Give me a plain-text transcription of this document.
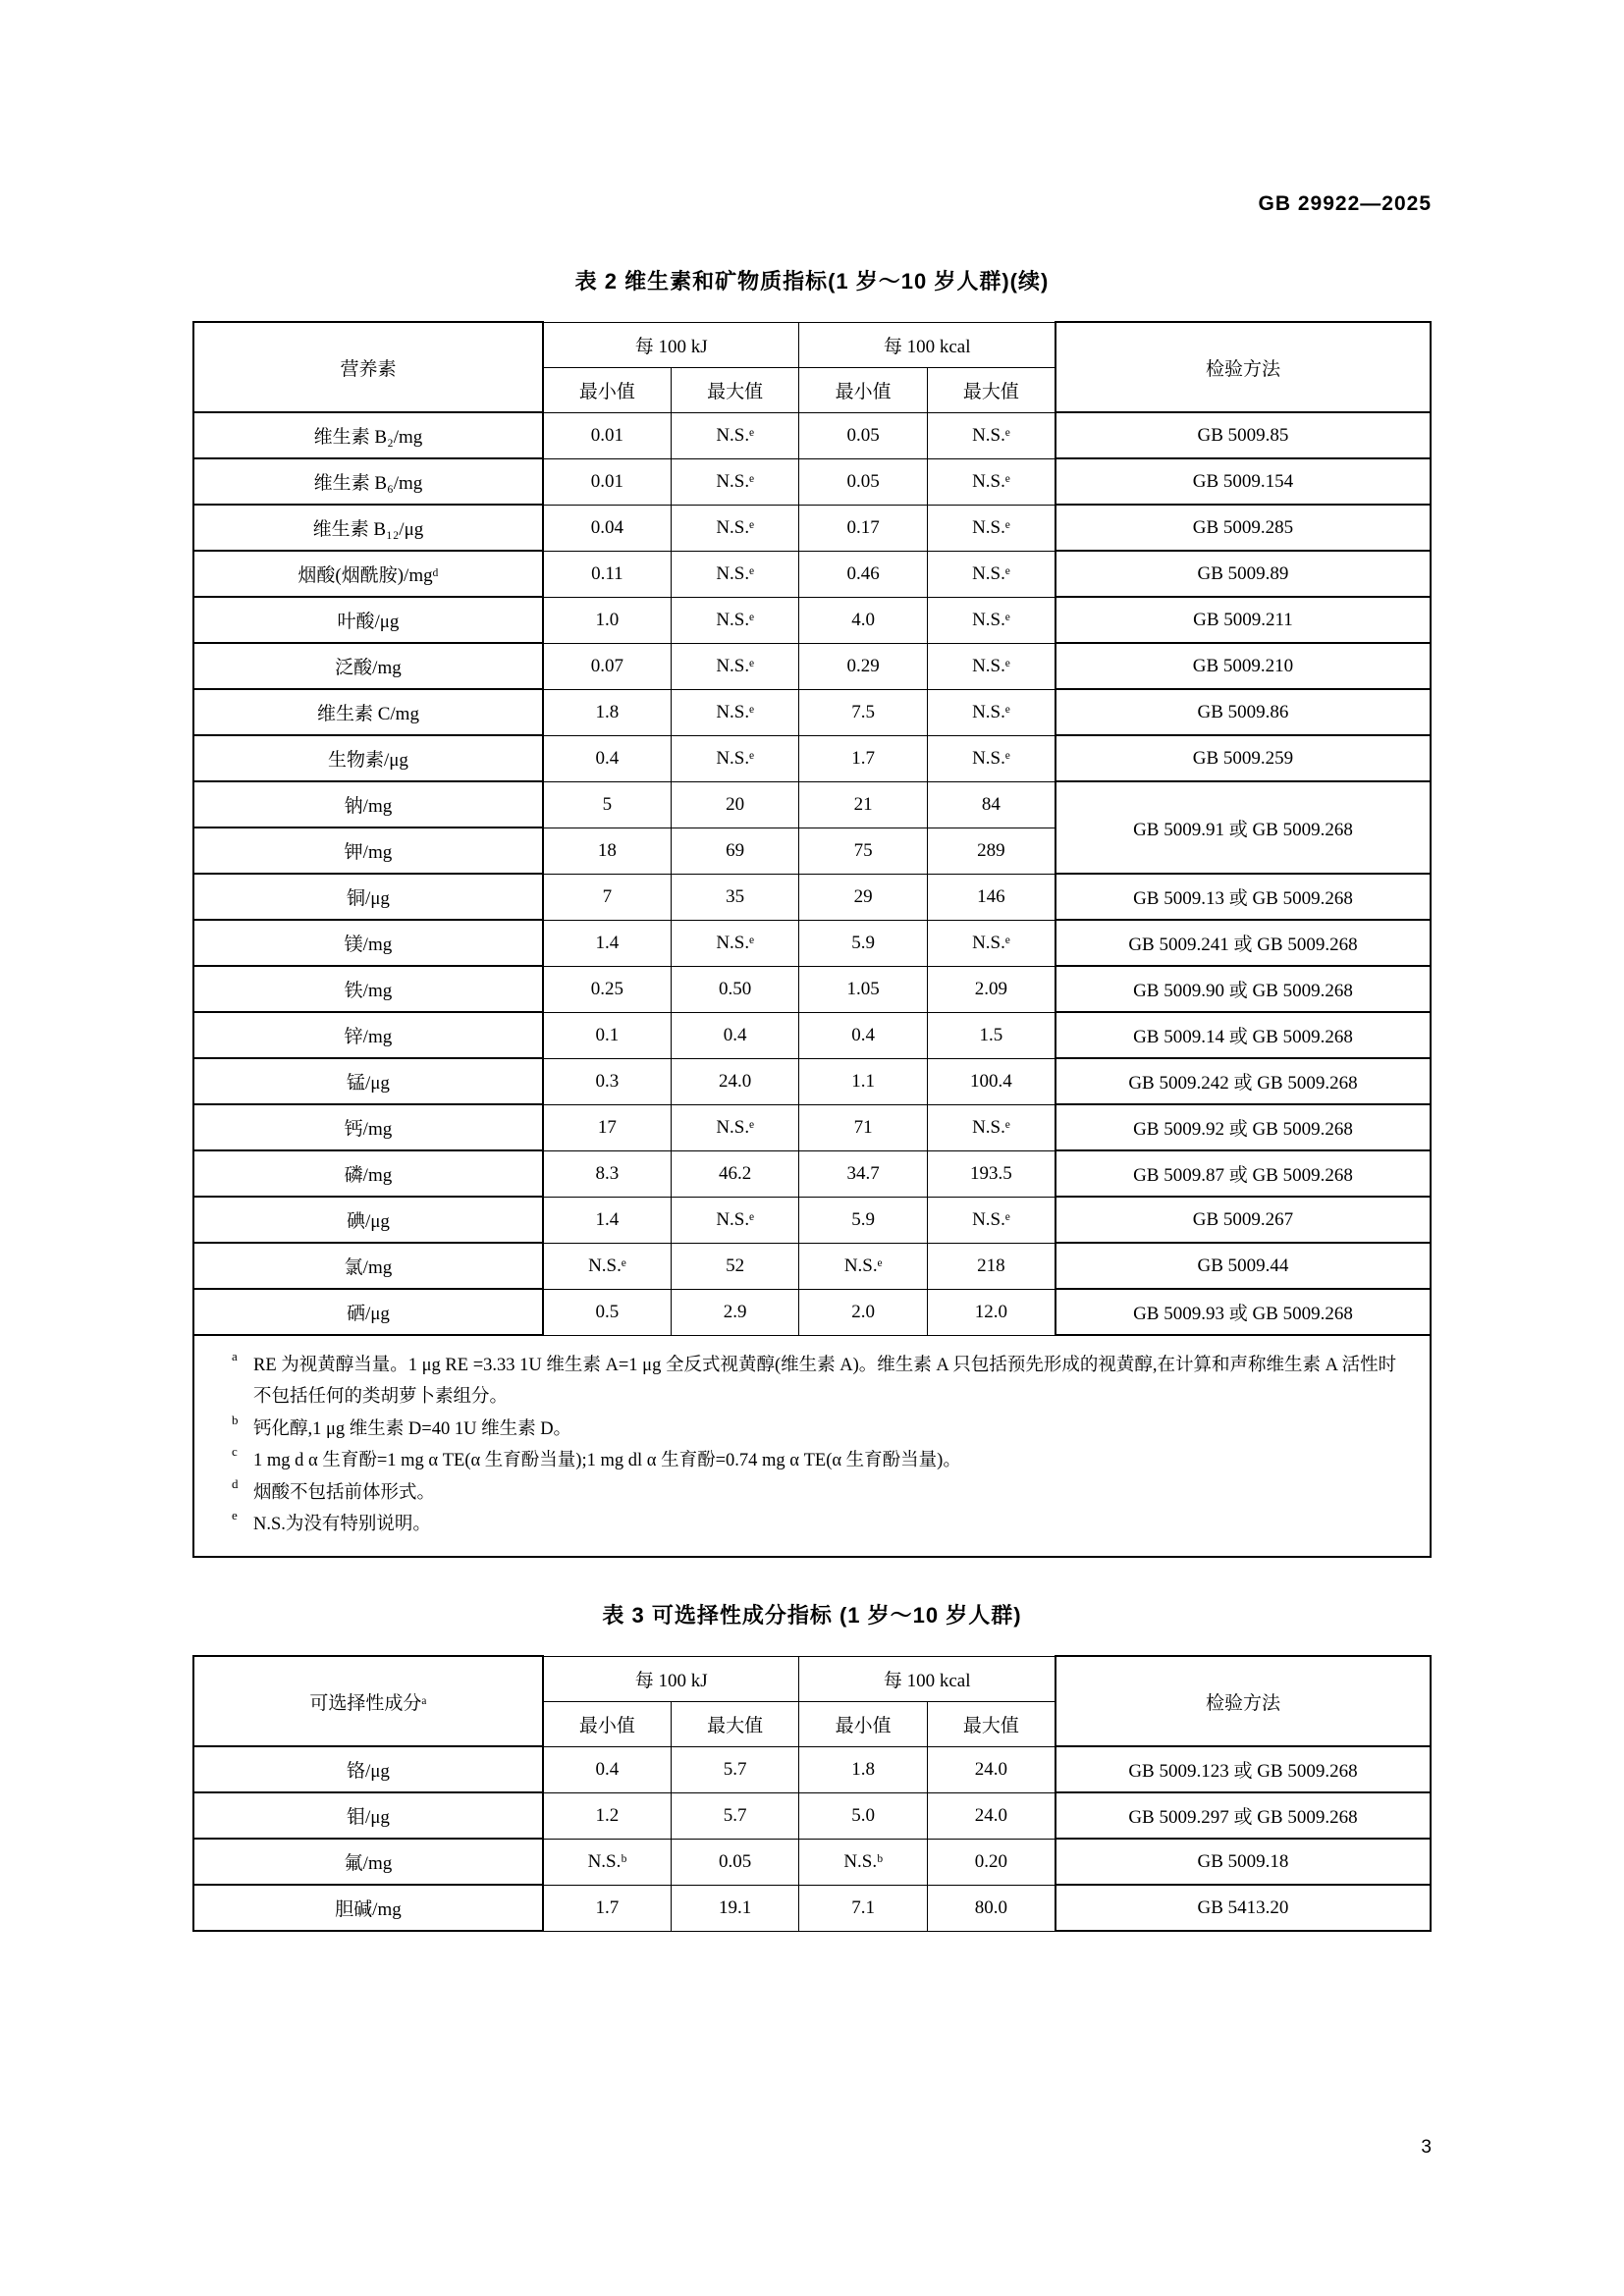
GB 29922—2025
表 2 维生素和矿物质指标(1 岁～10 岁人群)(续)
营养素	每 100 kJ		每 100 kcal		检验方法
	最小值	最大值	最小值	最大值	
维生素 B₂/mg	0.01	N.S.ᵉ	0.05	N.S.ᵉ	GB 5009.85
维生素 B₆/mg	0.01	N.S.ᵉ	0.05	N.S.ᵉ	GB 5009.154
维生素 B₁₂/μg	0.04	N.S.ᵉ	0.17	N.S.ᵉ	GB 5009.285
烟酸(烟酰胺)/mgᵈ	0.11	N.S.ᵉ	0.46	N.S.ᵉ	GB 5009.89
叶酸/μg	1.0	N.S.ᵉ	4.0	N.S.ᵉ	GB 5009.211
泛酸/mg	0.07	N.S.ᵉ	0.29	N.S.ᵉ	GB 5009.210
维生素 C/mg	1.8	N.S.ᵉ	7.5	N.S.ᵉ	GB 5009.86
生物素/μg	0.4	N.S.ᵉ	1.7	N.S.ᵉ	GB 5009.259
钠/mg	5	20	21	84	GB 5009.91 或 GB 5009.268
钾/mg	18	69	75	289	
铜/μg	7	35	29	146	GB 5009.13 或 GB 5009.268
镁/mg	1.4	N.S.ᵉ	5.9	N.S.ᵉ	GB 5009.241 或 GB 5009.268
铁/mg	0.25	0.50	1.05	2.09	GB 5009.90 或 GB 5009.268
锌/mg	0.1	0.4	0.4	1.5	GB 5009.14 或 GB 5009.268
锰/μg	0.3	24.0	1.1	100.4	GB 5009.242 或 GB 5009.268
钙/mg	17	N.S.ᵉ	71	N.S.ᵉ	GB 5009.92 或 GB 5009.268
磷/mg	8.3	46.2	34.7	193.5	GB 5009.87 或 GB 5009.268
碘/μg	1.4	N.S.ᵉ	5.9	N.S.ᵉ	GB 5009.267
氯/mg	N.S.ᵉ	52	N.S.ᵉ	218	GB 5009.44
硒/μg	0.5	2.9	2.0	12.0	GB 5009.93 或 GB 5009.268
a RE 为视黄醇当量。1 μg RE =3.33 1U 维生素 A=1 μg 全反式视黄醇(维生素 A)。维生素 A 只包括预先形成的视黄醇,在计算和声称维生素 A 活性时不包括任何的类胡萝卜素组分。
b 钙化醇,1 μg 维生素 D=40 1U 维生素 D。
c 1 mg d α 生育酚=1 mg α TE(α 生育酚当量);1 mg dl α 生育酚=0.74 mg α TE(α 生育酚当量)。
d 烟酸不包括前体形式。
e N.S.为没有特别说明。
表 3 可选择性成分指标 (1 岁～10 岁人群)
可选择性成分ᵃ	每 100 kJ		每 100 kcal		检验方法
	最小值	最大值	最小值	最大值	
铬/μg	0.4	5.7	1.8	24.0	GB 5009.123 或 GB 5009.268
钼/μg	1.2	5.7	5.0	24.0	GB 5009.297 或 GB 5009.268
氟/mg	N.S.ᵇ	0.05	N.S.ᵇ	0.20	GB 5009.18
胆碱/mg	1.7	19.1	7.1	80.0	GB 5413.20
3
